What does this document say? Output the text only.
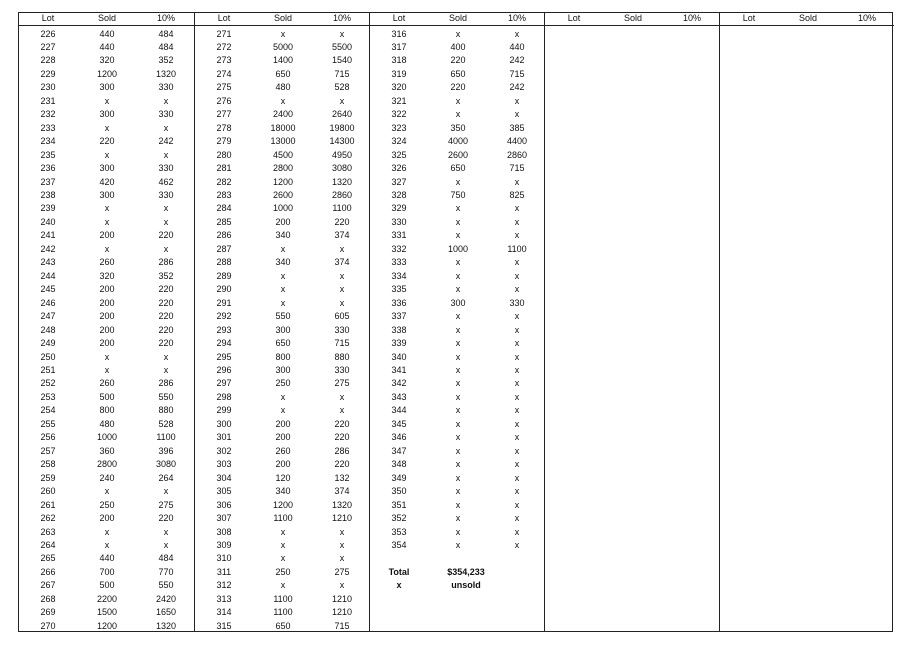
Lot	Sold	10%
226	440	484
227	440	484
228	320	352
229	1200	1320
230	300	330
231	x	x
232	300	330
233	x	x
234	220	242
235	x	x
236	300	330
237	420	462
238	300	330
239	x	x
240	x	x
241	200	220
242	x	x
243	260	286
244	320	352
245	200	220
246	200	220
247	200	220
248	200	220
249	200	220
250	x	x
251	x	x
252	260	286
253	500	550
254	800	880
255	480	528
256	1000	1100
257	360	396
258	2800	3080
259	240	264
260	x	x
261	250	275
262	200	220
263	x	x
264	x	x
265	440	484
266	700	770
267	500	550
268	2200	2420
269	1500	1650
270	1200	1320
Lot	Sold	10%
271	x	x
272	5000	5500
273	1400	1540
274	650	715
275	480	528
276	x	x
277	2400	2640
278	18000	19800
279	13000	14300
280	4500	4950
281	2800	3080
282	1200	1320
283	2600	2860
284	1000	1100
285	200	220
286	340	374
287	x	x
288	340	374
289	x	x
290	x	x
291	x	x
292	550	605
293	300	330
294	650	715
295	800	880
296	300	330
297	250	275
298	x	x
299	x	x
300	200	220
301	200	220
302	260	286
303	200	220
304	120	132
305	340	374
306	1200	1320
307	1100	1210
308	x	x
309	x	x
310	x	x
311	250	275
312	x	x
313	1100	1210
314	1100	1210
315	650	715
Lot	Sold	10%
316	x	x
317	400	440
318	220	242
319	650	715
320	220	242
321	x	x
322	x	x
323	350	385
324	4000	4400
325	2600	2860
326	650	715
327	x	x
328	750	825
329	x	x
330	x	x
331	x	x
332	1000	1100
333	x	x
334	x	x
335	x	x
336	300	330
337	x	x
338	x	x
339	x	x
340	x	x
341	x	x
342	x	x
343	x	x
344	x	x
345	x	x
346	x	x
347	x	x
348	x	x
349	x	x
350	x	x
351	x	x
352	x	x
353	x	x
354	x	x
Total	$354,233
x	unsold
Lot	Sold	10%	Lot	Sold	10%
